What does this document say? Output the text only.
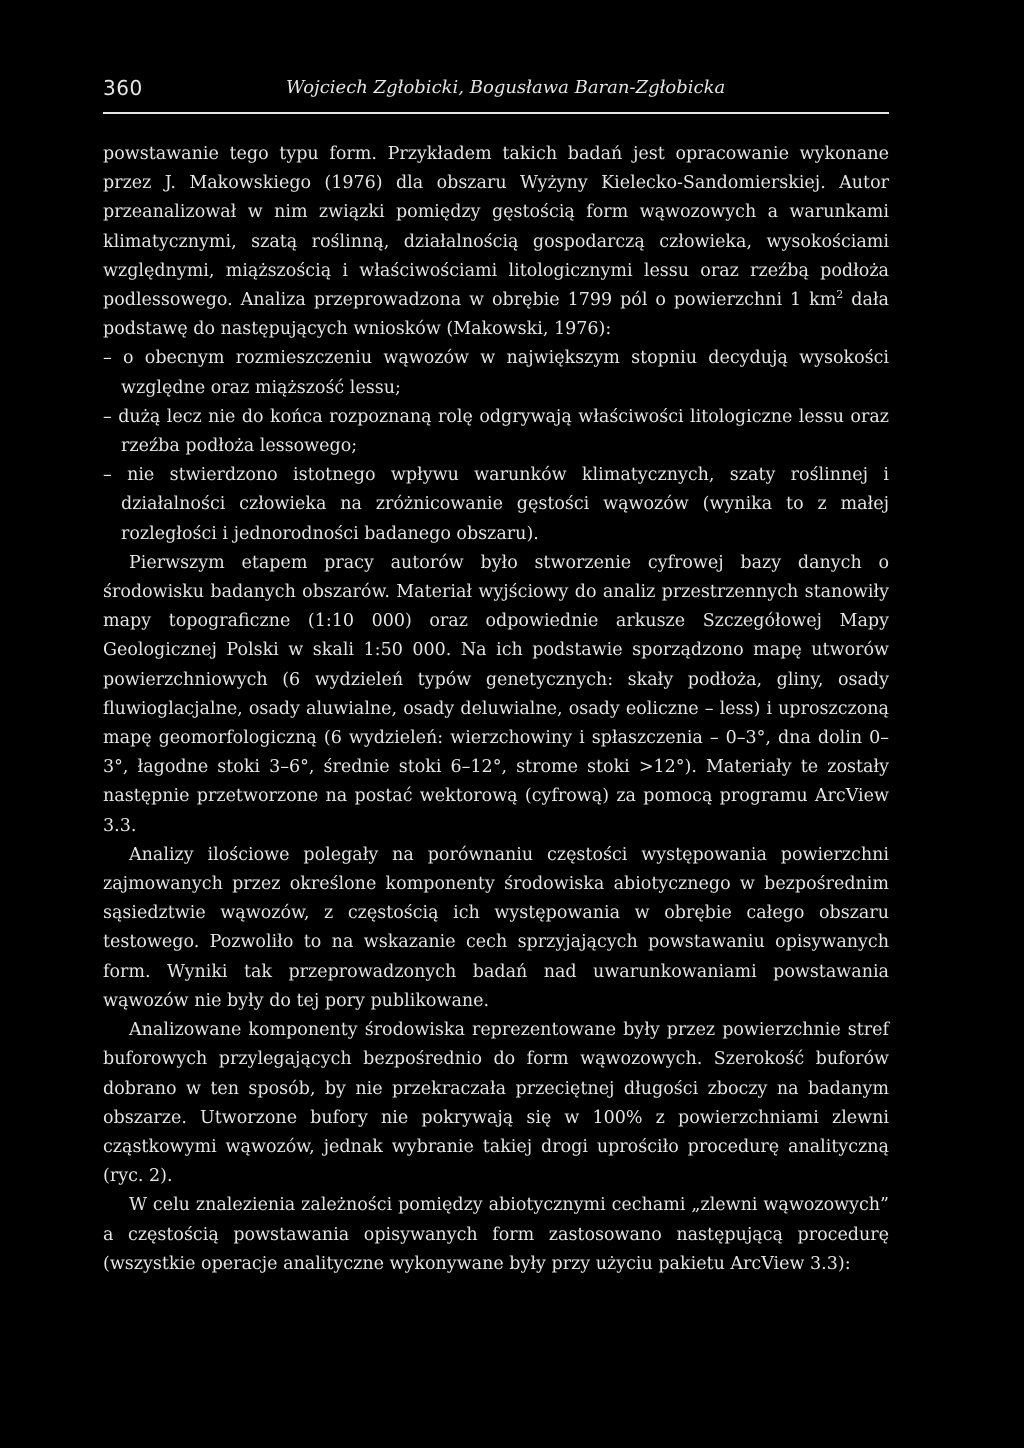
360	Wojciech Zgłobicki, Bogusława Baran-Zgłobicka

powstawanie tego typu form. Przykładem takich badań jest opracowanie wykonane przez J. Makowskiego (1976) dla obszaru Wyżyny Kielecko-Sandomierskiej. Autor przeanalizował w nim związki pomiędzy gęstością form wąwozowych a warunkami klimatycznymi, szatą roślinną, działalnością gospodarczą człowieka, wysokościami względnymi, miąższością i właściwościami litologicznymi lessu oraz rzeźbą podłoża podlessowego. Analiza przeprowadzona w obrębie 1799 pól o powierzchni 1 $km^2$ dała podstawę do następujących wniosków (Makowski, 1976):

– o obecnym rozmieszczeniu wąwozów w największym stopniu decydują wysokości względne oraz miąższość lessu;
– dużą lecz nie do końca rozpoznaną rolę odgrywają właściwości litologiczne lessu oraz rzeźba podłoża lessowego;
– nie stwierdzono istotnego wpływu warunków klimatycznych, szaty roślinnej i działalności człowieka na zróżnicowanie gęstości wąwozów (wynika to z małej rozległości i jednorodności badanego obszaru).

Pierwszym etapem pracy autorów było stworzenie cyfrowej bazy danych o środowisku badanych obszarów. Materiał wyjściowy do analiz przestrzennych stanowiły mapy topograficzne (1:10 000) oraz odpowiednie arkusze Szczegółowej Mapy Geologicznej Polski w skali 1:50 000. Na ich podstawie sporządzono mapę utworów powierzchniowych (6 wydzieleń typów genetycznych: skały podłoża, gliny, osady fluwioglacjalne, osady aluwialne, osady deluwialne, osady eoliczne – less) i uproszczoną mapę geomorfologiczną (6 wydzieleń: wierzchowiny i spłaszczenia – 0–3°, dna dolin 0–3°, łagodne stoki 3–6°, średnie stoki 6–12°, strome stoki >12°). Materiały te zostały następnie przetworzone na postać wektorową (cyfrową) za pomocą programu ArcView 3.3.

Analizy ilościowe polegały na porównaniu częstości występowania powierzchni zajmowanych przez określone komponenty środowiska abiotycznego w bezpośrednim sąsiedztwie wąwozów, z częstością ich występowania w obrębie całego obszaru testowego. Pozwoliło to na wskazanie cech sprzyjających powstawaniu opisywanych form. Wyniki tak przeprowadzonych badań nad uwarunkowaniami powstawania wąwozów nie były do tej pory publikowane.

Analizowane komponenty środowiska reprezentowane były przez powierzchnie stref buforowych przylegających bezpośrednio do form wąwozowych. Szerokość buforów dobrano w ten sposób, by nie przekraczała przeciętnej długości zboczy na badanym obszarze. Utworzone bufory nie pokrywają się w 100% z powierzchniami zlewni cząstkowymi wąwozów, jednak wybranie takiej drogi uprościło procedurę analityczną (ryc. 2).

W celu znalezienia zależności pomiędzy abiotycznymi cechami „zlewni wąwozowych” a częstością powstawania opisywanych form zastosowano następującą procedurę (wszystkie operacje analityczne wykonywane były przy użyciu pakietu ArcView 3.3):
